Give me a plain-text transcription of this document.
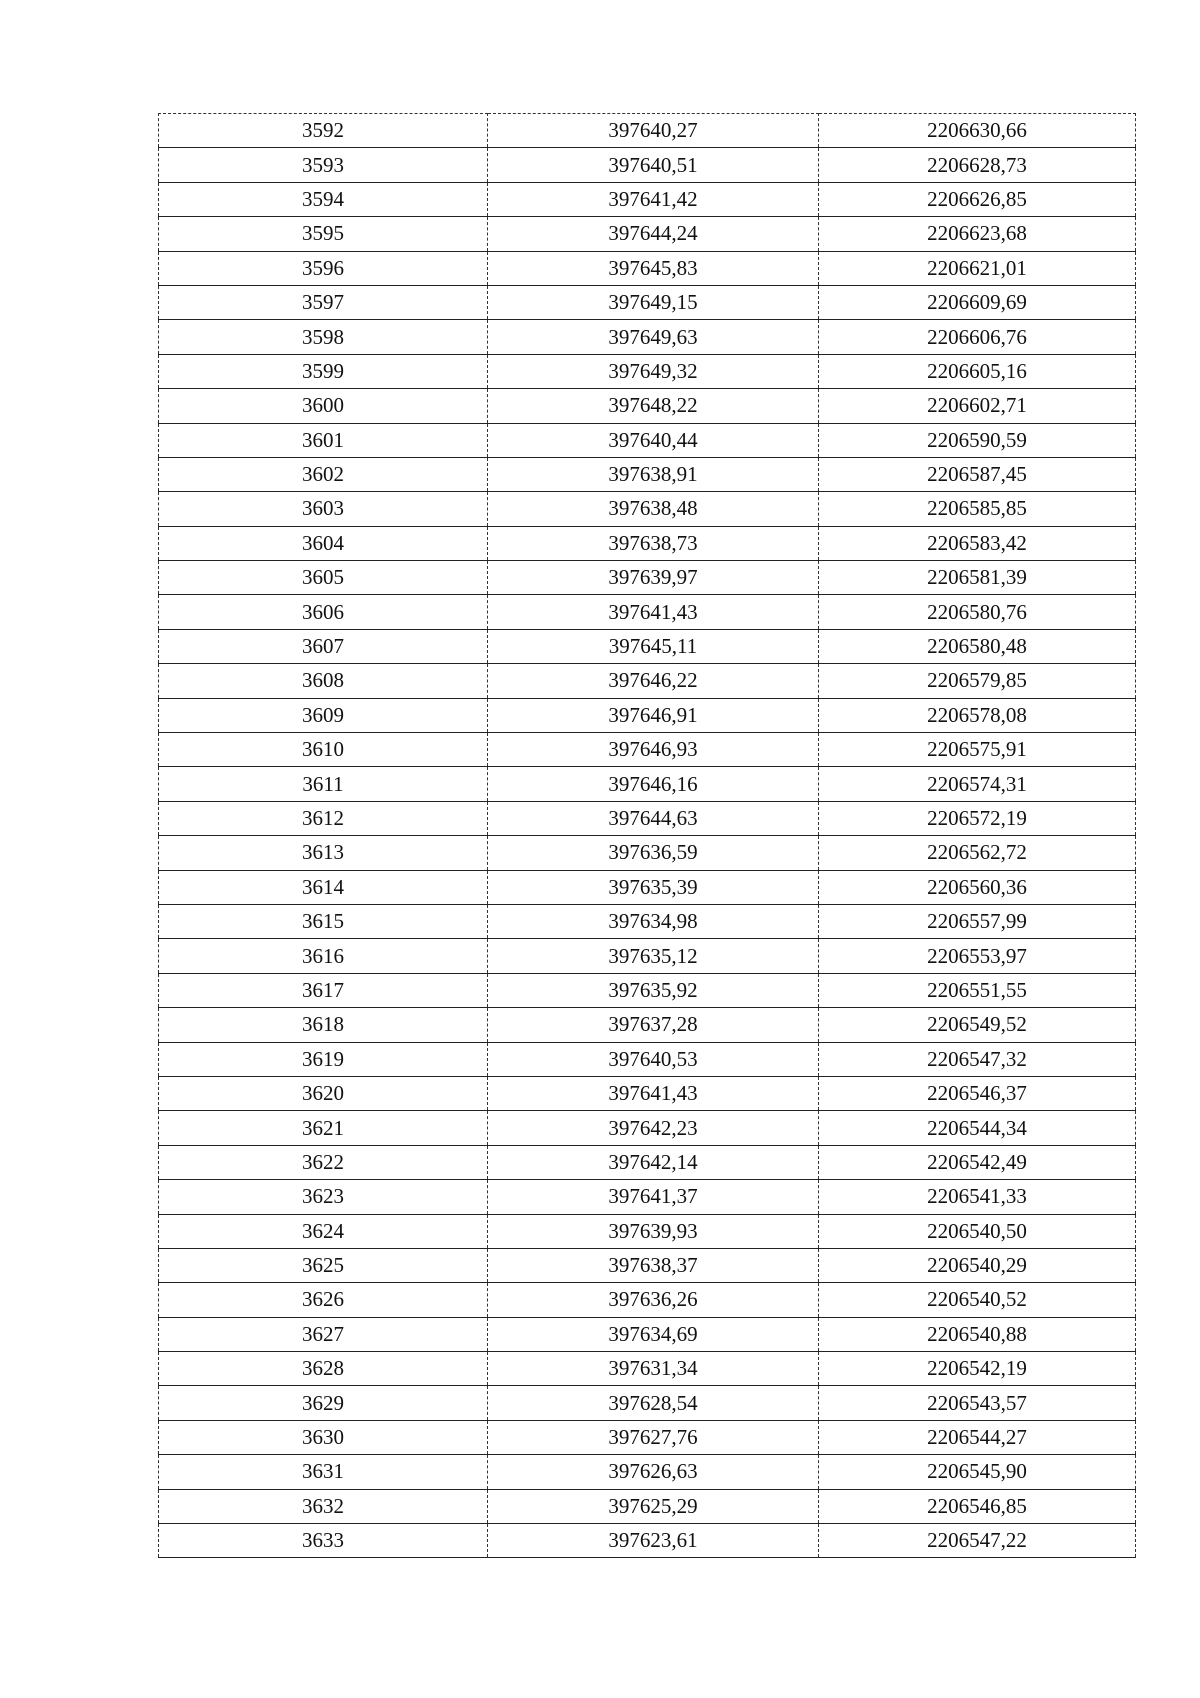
3592	397640,27	2206630,66
3593	397640,51	2206628,73
3594	397641,42	2206626,85
3595	397644,24	2206623,68
3596	397645,83	2206621,01
3597	397649,15	2206609,69
3598	397649,63	2206606,76
3599	397649,32	2206605,16
3600	397648,22	2206602,71
3601	397640,44	2206590,59
3602	397638,91	2206587,45
3603	397638,48	2206585,85
3604	397638,73	2206583,42
3605	397639,97	2206581,39
3606	397641,43	2206580,76
3607	397645,11	2206580,48
3608	397646,22	2206579,85
3609	397646,91	2206578,08
3610	397646,93	2206575,91
3611	397646,16	2206574,31
3612	397644,63	2206572,19
3613	397636,59	2206562,72
3614	397635,39	2206560,36
3615	397634,98	2206557,99
3616	397635,12	2206553,97
3617	397635,92	2206551,55
3618	397637,28	2206549,52
3619	397640,53	2206547,32
3620	397641,43	2206546,37
3621	397642,23	2206544,34
3622	397642,14	2206542,49
3623	397641,37	2206541,33
3624	397639,93	2206540,50
3625	397638,37	2206540,29
3626	397636,26	2206540,52
3627	397634,69	2206540,88
3628	397631,34	2206542,19
3629	397628,54	2206543,57
3630	397627,76	2206544,27
3631	397626,63	2206545,90
3632	397625,29	2206546,85
3633	397623,61	2206547,22
